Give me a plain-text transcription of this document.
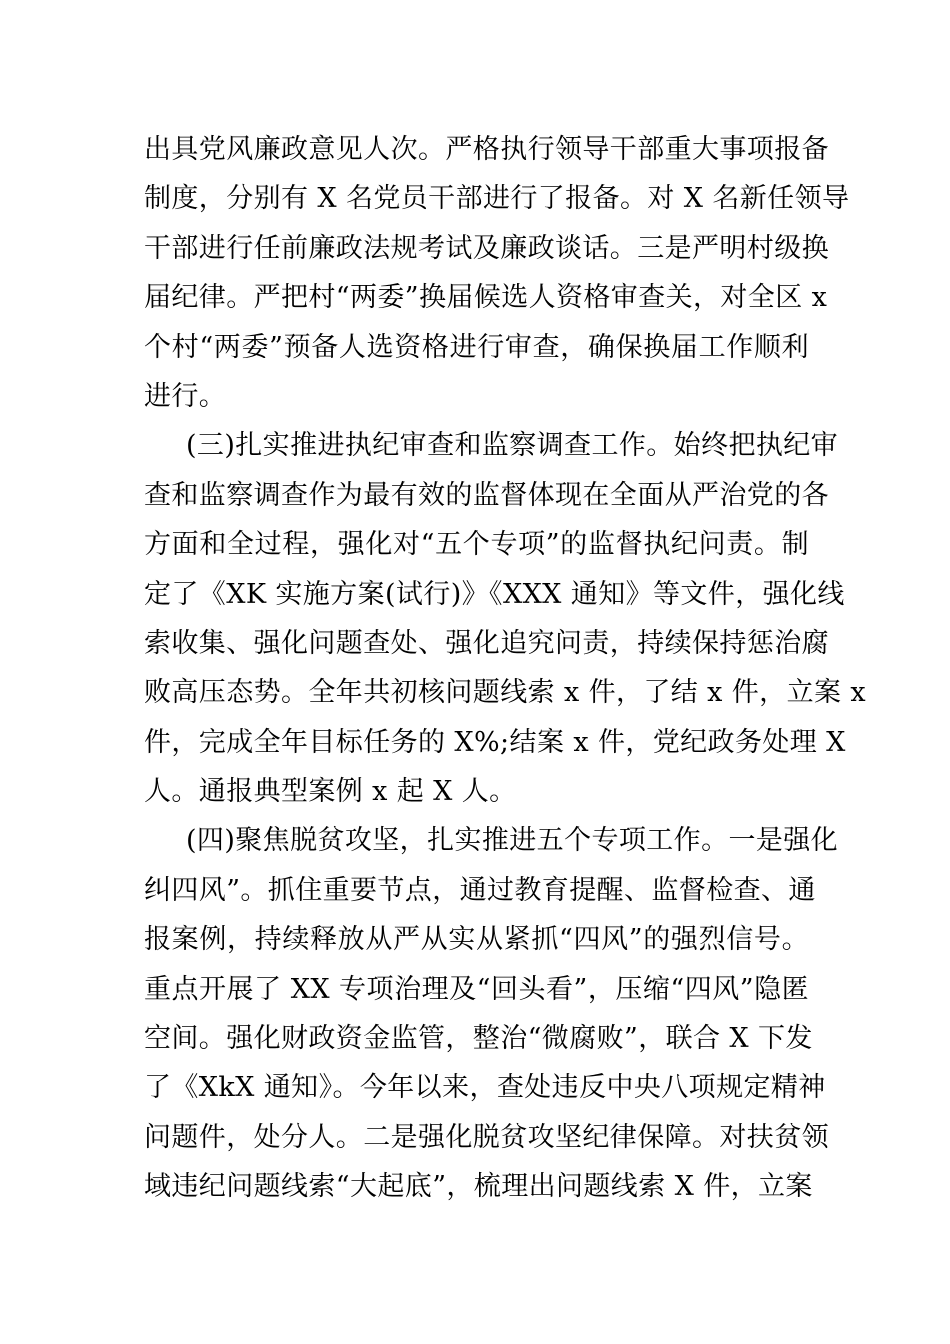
出具党风廉政意见人次。严格执行领导干部重大事项报备
制度，分别有 X 名党员干部进行了报备。对 X 名新任领导
干部进行任前廉政法规考试及廉政谈话。三是严明村级换
届纪律。严把村“两委”换届候选人资格审查关，对全区 x
个村“两委”预备人选资格进行审查，确保换届工作顺利
进行。
(三)扎实推进执纪审查和监察调查工作。始终把执纪审
查和监察调查作为最有效的监督体现在全面从严治党的各
方面和全过程，强化对“五个专项”的监督执纪问责。制
定了《XK 实施方案(试行)》《XXX 通知》等文件，强化线
索收集、强化问题查处、强化追究问责，持续保持惩治腐
败高压态势。全年共初核问题线索 x 件，了结 x 件，立案 x
件，完成全年目标任务的 X%;结案 x 件，党纪政务处理 X
人。通报典型案例 x 起 X 人。
(四)聚焦脱贫攻坚，扎实推进五个专项工作。一是强化
纠四风”。抓住重要节点，通过教育提醒、监督检查、通
报案例，持续释放从严从实从紧抓“四风”的强烈信号。
重点开展了 XX 专项治理及“回头看”，压缩“四风”隐匿
空间。强化财政资金监管，整治“微腐败”，联合 X 下发
了《XkX 通知》。今年以来，查处违反中央八项规定精神
问题件，处分人。二是强化脱贫攻坚纪律保障。对扶贫领
域违纪问题线索“大起底”，梳理出问题线索 X 件，立案
